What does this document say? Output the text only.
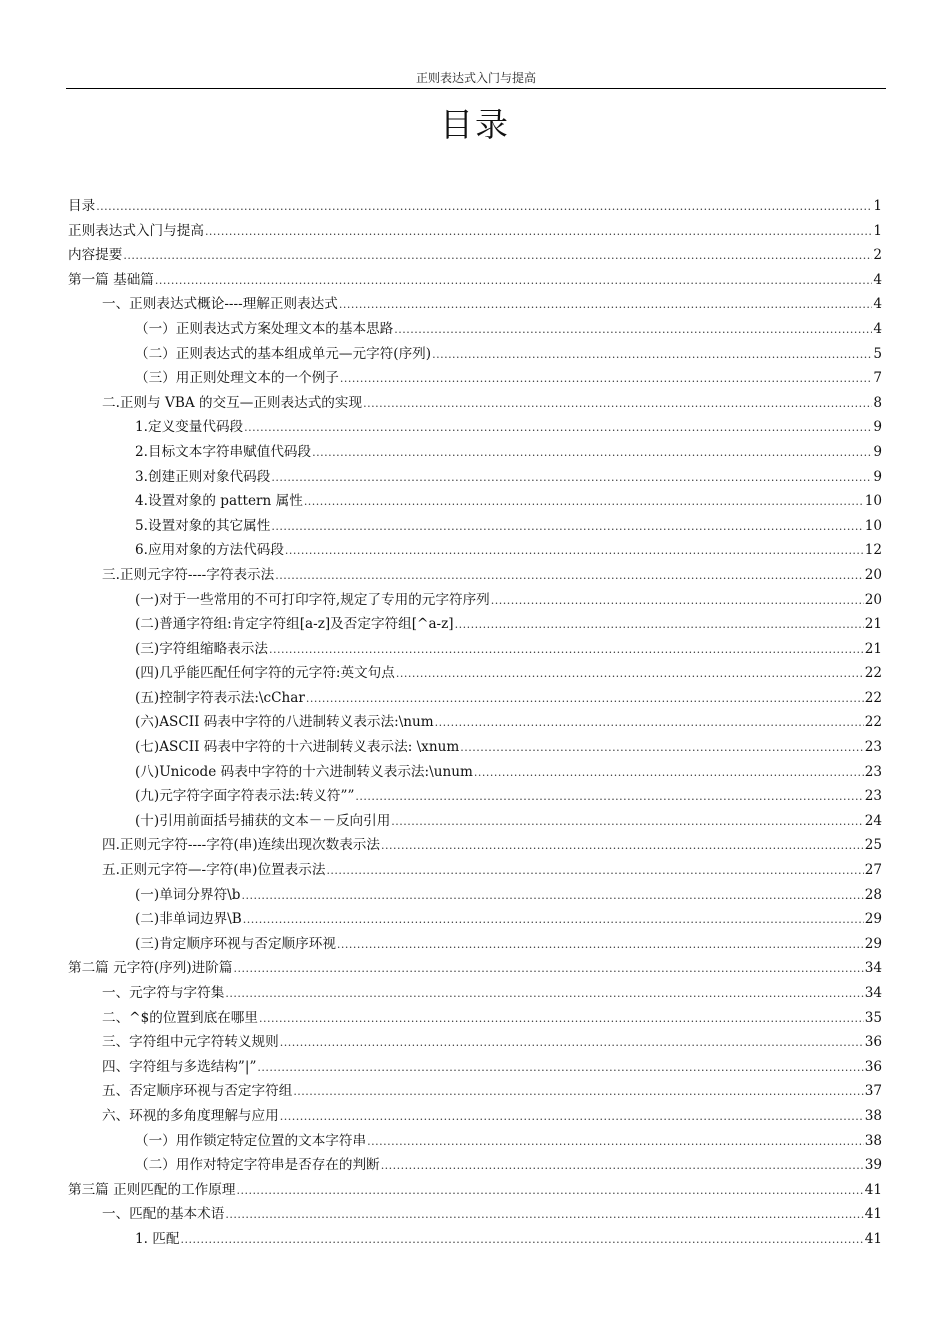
正则表达式入门与提高
目录
目录 .....	1
正则表达式入门与提高 .....	1
内容提要 .....	2
第一篇 基础篇 .....	4
一、正则表达式概论----理解正则表达式 .....	4
（一）正则表达式方案处理文本的基本思路 .....	4
（二）正则表达式的基本组成单元—元字符(序列) .....	5
（三）用正则处理文本的一个例子 .....	7
二.正则与 VBA 的交互—正则表达式的实现 .....	8
1.定义变量代码段 .....	9
2.目标文本字符串赋值代码段 .....	9
3.创建正则对象代码段 .....	9
4.设置对象的 pattern 属性 .....	10
5.设置对象的其它属性 .....	10
6.应用对象的方法代码段 .....	12
三.正则元字符----字符表示法 .....	20
(一)对于一些常用的不可打印字符,规定了专用的元字符序列 .....	20
(二)普通字符组:肯定字符组[a-z]及否定字符组[^a-z] .....	21
(三)字符组缩略表示法 .....	21
(四)几乎能匹配任何字符的元字符:英文句点 .....	22
(五)控制字符表示法:\cChar .....	22
(六)ASCII 码表中字符的八进制转义表示法:\num .....	22
(七)ASCII 码表中字符的十六进制转义表示法: \xnum .....	23
(八)Unicode 码表中字符的十六进制转义表示法:\unum .....	23
(九)元字符字面字符表示法:转义符”” .....	23
(十)引用前面括号捕获的文本－－反向引用 .....	24
四.正则元字符----字符(串)连续出现次数表示法 .....	25
五.正则元字符—-字符(串)位置表示法 .....	27
(一)单词分界符\b .....	28
(二)非单词边界\B .....	29
(三)肯定顺序环视与否定顺序环视 .....	29
第二篇 元字符(序列)进阶篇 .....	34
一、元字符与字符集 .....	34
二、^$的位置到底在哪里 .....	35
三、字符组中元字符转义规则 .....	36
四、字符组与多选结构”|” .....	36
五、否定顺序环视与否定字符组 .....	37
六、环视的多角度理解与应用 .....	38
（一）用作锁定特定位置的文本字符串 .....	38
（二）用作对特定字符串是否存在的判断 .....	39
第三篇 正则匹配的工作原理 .....	41
一、匹配的基本术语 .....	41
1. 匹配 .....	41
